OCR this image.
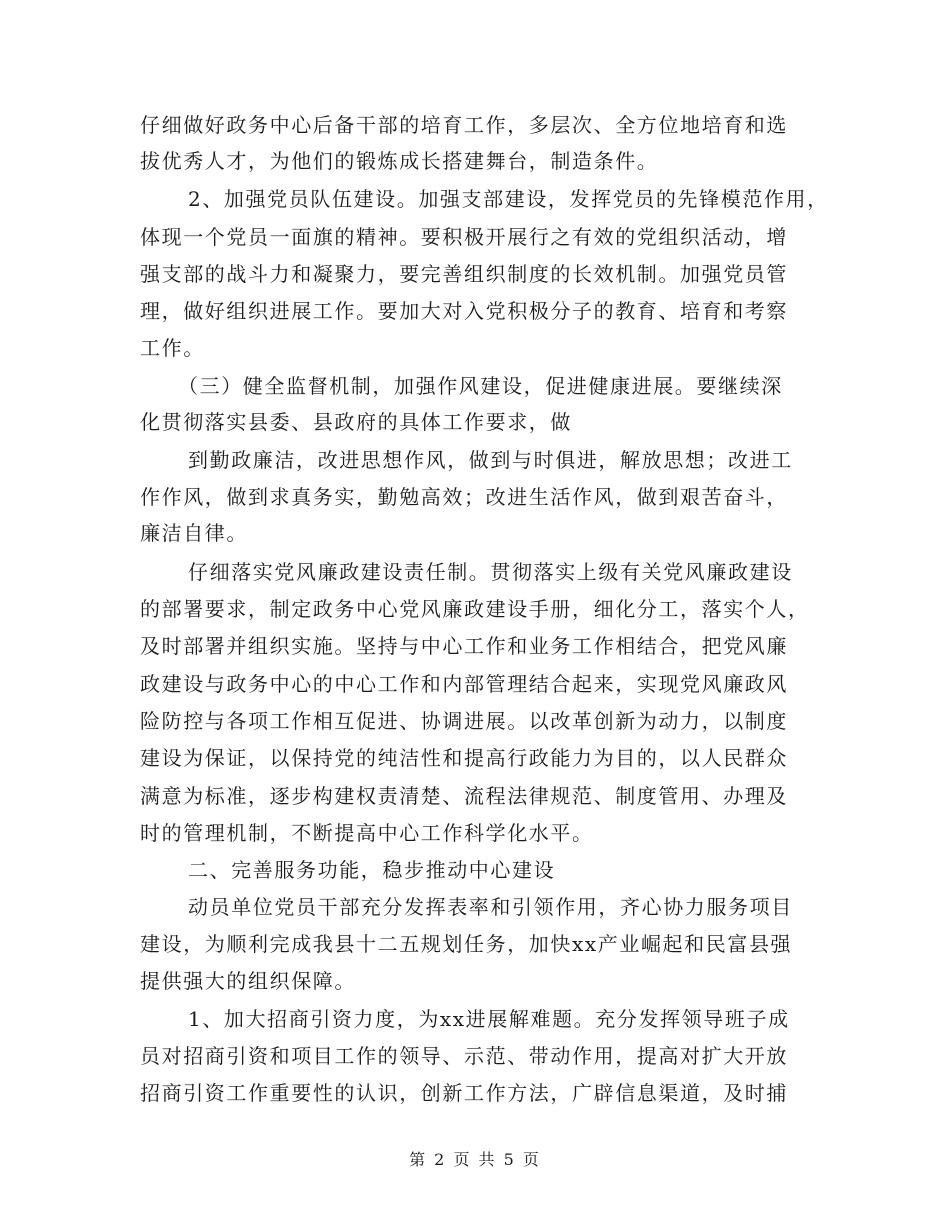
仔细做好政务中心后备干部的培育工作，多层次、全方位地培育和选

拔优秀人才，为他们的锻炼成长搭建舞台，制造条件。

2、加强党员队伍建设。加强支部建设，发挥党员的先锋模范作用，

体现一个党员一面旗的精神。要积极开展行之有效的党组织活动，增

强支部的战斗力和凝聚力，要完善组织制度的长效机制。加强党员管

理，做好组织进展工作。要加大对入党积极分子的教育、培育和考察

工作。

（三）健全监督机制，加强作风建设，促进健康进展。要继续深

化贯彻落实县委、县政府的具体工作要求，做

到勤政廉洁，改进思想作风，做到与时俱进，解放思想；改进工

作作风，做到求真务实，勤勉高效；改进生活作风，做到艰苦奋斗，

廉洁自律。

仔细落实党风廉政建设责任制。贯彻落实上级有关党风廉政建设

的部署要求，制定政务中心党风廉政建设手册，细化分工，落实个人，

及时部署并组织实施。坚持与中心工作和业务工作相结合，把党风廉

政建设与政务中心的中心工作和内部管理结合起来，实现党风廉政风

险防控与各项工作相互促进、协调进展。以改革创新为动力，以制度

建设为保证，以保持党的纯洁性和提高行政能力为目的，以人民群众

满意为标准，逐步构建权责清楚、流程法律规范、制度管用、办理及

时的管理机制，不断提高中心工作科学化水平。

二、完善服务功能，稳步推动中心建设

动员单位党员干部充分发挥表率和引领作用，齐心协力服务项目

建设，为顺利完成我县十二五规划任务，加快xx产业崛起和民富县强

提供强大的组织保障。

1、加大招商引资力度，为xx进展解难题。充分发挥领导班子成

员对招商引资和项目工作的领导、示范、带动作用，提高对扩大开放

招商引资工作重要性的认识，创新工作方法，广辟信息渠道，及时捕

第 2 页 共 5 页
